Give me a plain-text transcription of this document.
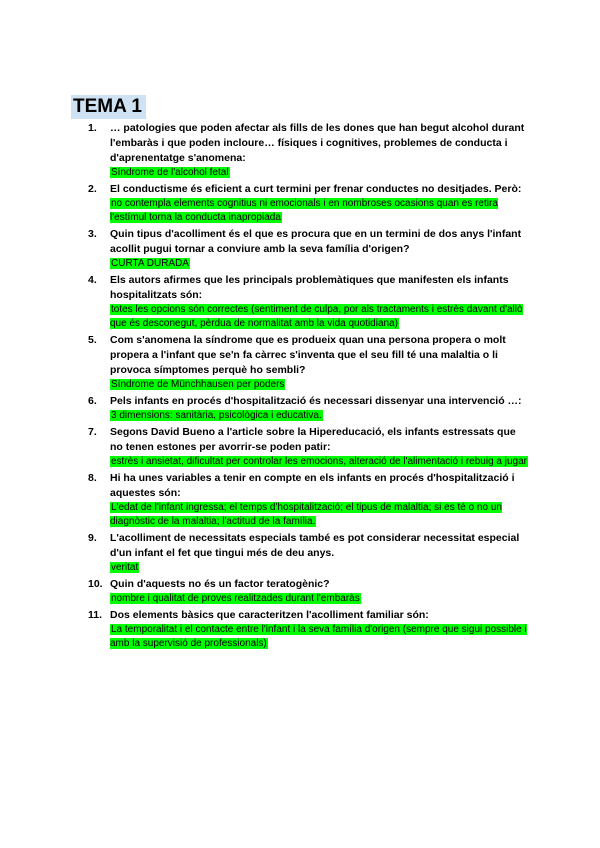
TEMA 1
1. … patologies que poden afectar als fills de les dones que han begut alcohol durant l'embaràs i que poden incloure… físiques i cognitives, problemes de conducta i d'aprenentatge s'anomena:

Síndrome de l'alcohol fetal

2. El conductisme és eficient a curt termini per frenar conductes no desitjades. Però:

no contempla elements cognitius ni emocionals i en nombroses ocasions quan es retira l'estímul torna la conducta inapropiada

3. Quin tipus d'acolliment és el que es procura que en un termini de dos anys l'infant acollit pugui tornar a conviure amb la seva família d'origen?

CURTA DURADA

4. Els autors afirmes que les principals problemàtiques que manifesten els infants hospitalitzats són:

totes les opcions són correctes (sentiment de culpa, por als tractaments i estrès davant d'allò que és desconegut, pèrdua de normalitat amb la vida quotidiana)

5. Com s'anomena la síndrome que es produeix quan una persona propera o molt propera a l'infant que se'n fa càrrec s'inventa que el seu fill té una malaltia o li provoca símptomes perquè ho sembli?

Síndrome de Münchhausen per poders

6. Pels infants en procés d'hospitalització és necessari dissenyar una intervenció …:

3 dimensions: sanitària, psicològica i educativa.

7. Segons David Bueno a l'article sobre la Hipereducació, els infants estressats que no tenen estones per avorrir-se poden patir:

estrès i ansietat, dificultat per controlar les emocions, alteració de l'alimentació i rebuig a jugar

8. Hi ha unes variables a tenir en compte en els infants en procés d'hospitalització i aquestes són:

L'edat de l'infant ingressa; el temps d'hospitalització; el tipus de malaltia; si es té o no un diagnòstic de la malaltia; l'actitud de la família.

9. L'acolliment de necessitats especials també es pot considerar necessitat especial d'un infant el fet que tingui més de deu anys.

veritat

10. Quin d'aquests no és un factor teratogènic?

nombre i qualitat de proves realitzades durant l'embaràs

11. Dos elements bàsics que caracteritzen l'acolliment familiar són:

La temporalitat i el contacte entre l'infant i la seva família d'origen (sempre que sigui possible i amb la supervisió de professionals)
